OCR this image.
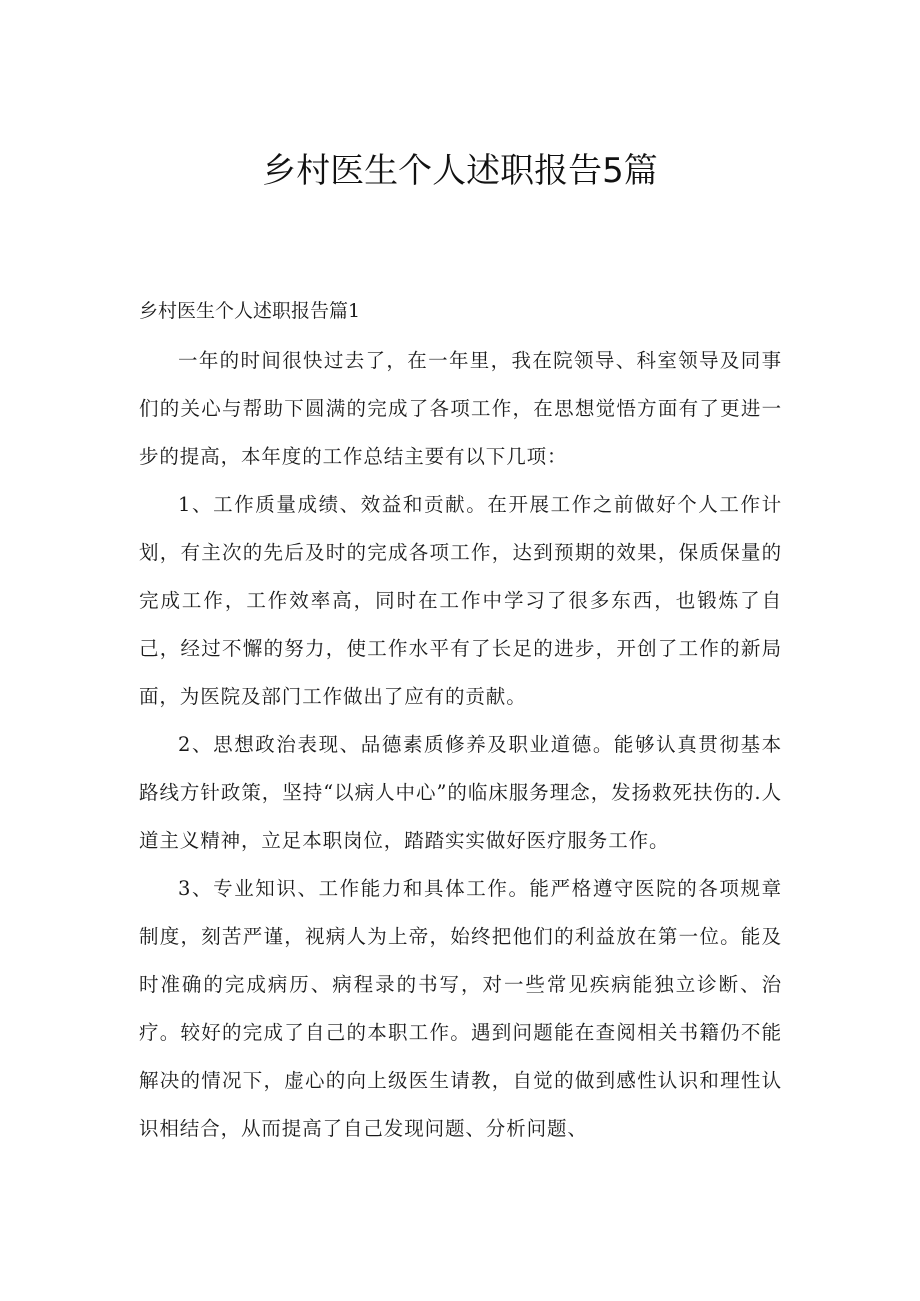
乡村医生个人述职报告5篇
乡村医生个人述职报告篇1

一年的时间很快过去了，在一年里，我在院领导、科室领导及同事们的关心与帮助下圆满的完成了各项工作，在思想觉悟方面有了更进一步的提高，本年度的工作总结主要有以下几项：

1、工作质量成绩、效益和贡献。在开展工作之前做好个人工作计划，有主次的先后及时的完成各项工作，达到预期的效果，保质保量的完成工作，工作效率高，同时在工作中学习了很多东西，也锻炼了自己，经过不懈的努力，使工作水平有了长足的进步，开创了工作的新局面，为医院及部门工作做出了应有的贡献。

2、思想政治表现、品德素质修养及职业道德。能够认真贯彻基本路线方针政策，坚持“以病人中心”的临床服务理念，发扬救死扶伤的.人道主义精神，立足本职岗位，踏踏实实做好医疗服务工作。

3、专业知识、工作能力和具体工作。能严格遵守医院的各项规章制度，刻苦严谨，视病人为上帝，始终把他们的利益放在第一位。能及时准确的完成病历、病程录的书写，对一些常见疾病能独立诊断、治疗。较好的完成了自己的本职工作。遇到问题能在查阅相关书籍仍不能解决的情况下，虚心的向上级医生请教，自觉的做到感性认识和理性认识相结合，从而提高了自己发现问题、分析问题、
